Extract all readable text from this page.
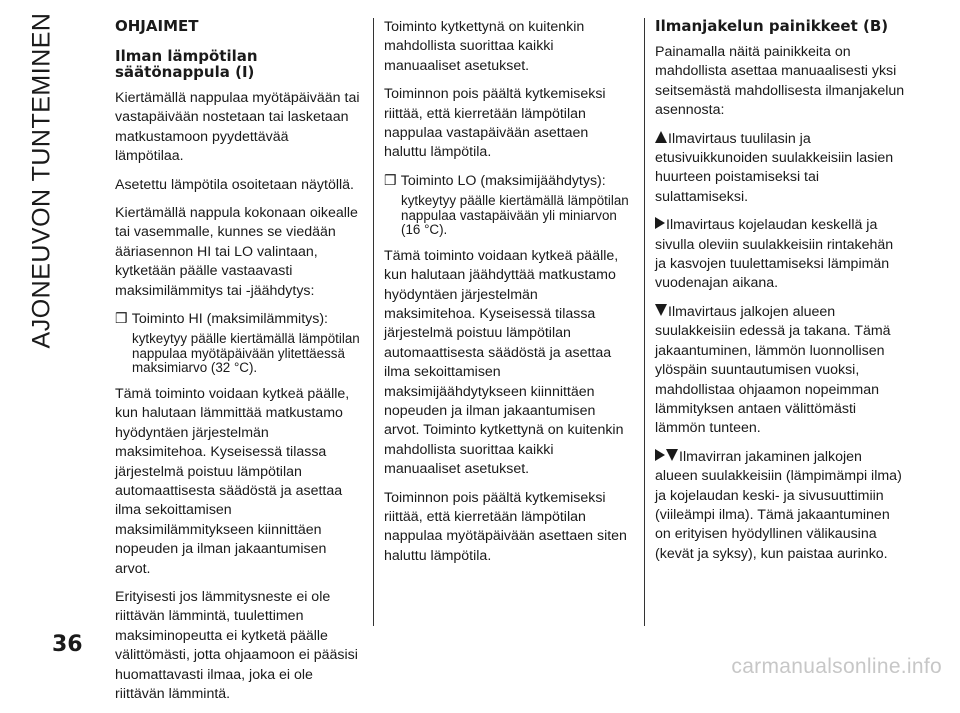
AJONEUVON TUNTEMINEN	OHJAIMET
Ilman lämpötilan säätönappula (I)

Kiertämällä nappulaa myötäpäivään tai vastapäivään nostetaan tai lasketaan matkustamoon pyydettävää lämpötilaa.

Asetettu lämpötila osoitetaan näytöllä.

Kiertämällä nappula kokonaan oikealle tai vasemmalle, kunnes se viedään ääriasennon HI tai LO valintaan, kytketään päälle vastaavasti maksimilämmitys tai -jäähdytys:

❒ Toiminto HI (maksimilämmitys):
kytkeytyy päälle kiertämällä lämpötilan nappulaa myötäpäivään ylitettäessä maksimiarvo (32 °C).

Tämä toiminto voidaan kytkeä päälle, kun halutaan lämmittää matkustamo hyödyntäen järjestelmän maksimitehoa. Kyseisessä tilassa järjestelmä poistuu lämpötilan automaattisesta säädöstä ja asettaa ilma sekoittamisen maksimilämmitykseen kiinnittäen nopeuden ja ilman jakaantumisen arvot.

Erityisesti jos lämmitysneste ei ole riittävän lämmintä, tuulettimen maksiminopeutta ei kytketä päälle välittömästi, jotta ohjaamoon ei pääsisi huomattavasti ilmaa, joka ei ole riittävän lämmintä.

Toiminto kytkettynä on kuitenkin mahdollista suorittaa kaikki manuaaliset asetukset.

Toiminnon pois päältä kytkemiseksi riittää, että kierretään lämpötilan nappulaa vastapäivään asettaen haluttu lämpötila.

❒ Toiminto LO (maksimijäähdytys):
kytkeytyy päälle kiertämällä lämpötilan nappulaa vastapäivään yli miniarvon (16 °C).

Tämä toiminto voidaan kytkeä päälle, kun halutaan jäähdyttää matkustamo hyödyntäen järjestelmän maksimitehoa. Kyseisessä tilassa järjestelmä poistuu lämpötilan automaattisesta säädöstä ja asettaa ilma sekoittamisen maksimijäähdytykseen kiinnittäen nopeuden ja ilman jakaantumisen arvot. Toiminto kytkettynä on kuitenkin mahdollista suorittaa kaikki manuaaliset asetukset.

Toiminnon pois päältä kytkemiseksi riittää, että kierretään lämpötilan nappulaa myötäpäivään asettaen siten haluttu lämpötila.

Ilmanjakelun painikkeet (B)

Painamalla näitä painikkeita on mahdollista asettaa manuaalisesti yksi seitsemästä mahdollisesta ilmanjakelun asennosta:

Ilmavirtaus tuulilasin ja etusivuikkunoiden suulakkeisiin lasien huurteen poistamiseksi tai sulattamiseksi.

Ilmavirtaus kojelaudan keskellä ja sivulla oleviin suulakkeisiin rintakehän ja kasvojen tuulettamiseksi lämpimän vuodenajan aikana.

Ilmavirtaus jalkojen alueen suulakkeisiin edessä ja takana. Tämä jakaantuminen, lämmön luonnollisen ylöspäin suuntautumisen vuoksi, mahdollistaa ohjaamon nopeimman lämmityksen antaen välittömästi lämmön tunteen.

Ilmavirran jakaminen jalkojen alueen suulakkeisiin (lämpimämpi ilma) ja kojelaudan keski- ja sivusuuttimiin (viileämpi ilma). Tämä jakaantuminen on erityisen hyödyllinen välikausina (kevät ja syksy), kun paistaa aurinko.

36
carmanualsonline.info
